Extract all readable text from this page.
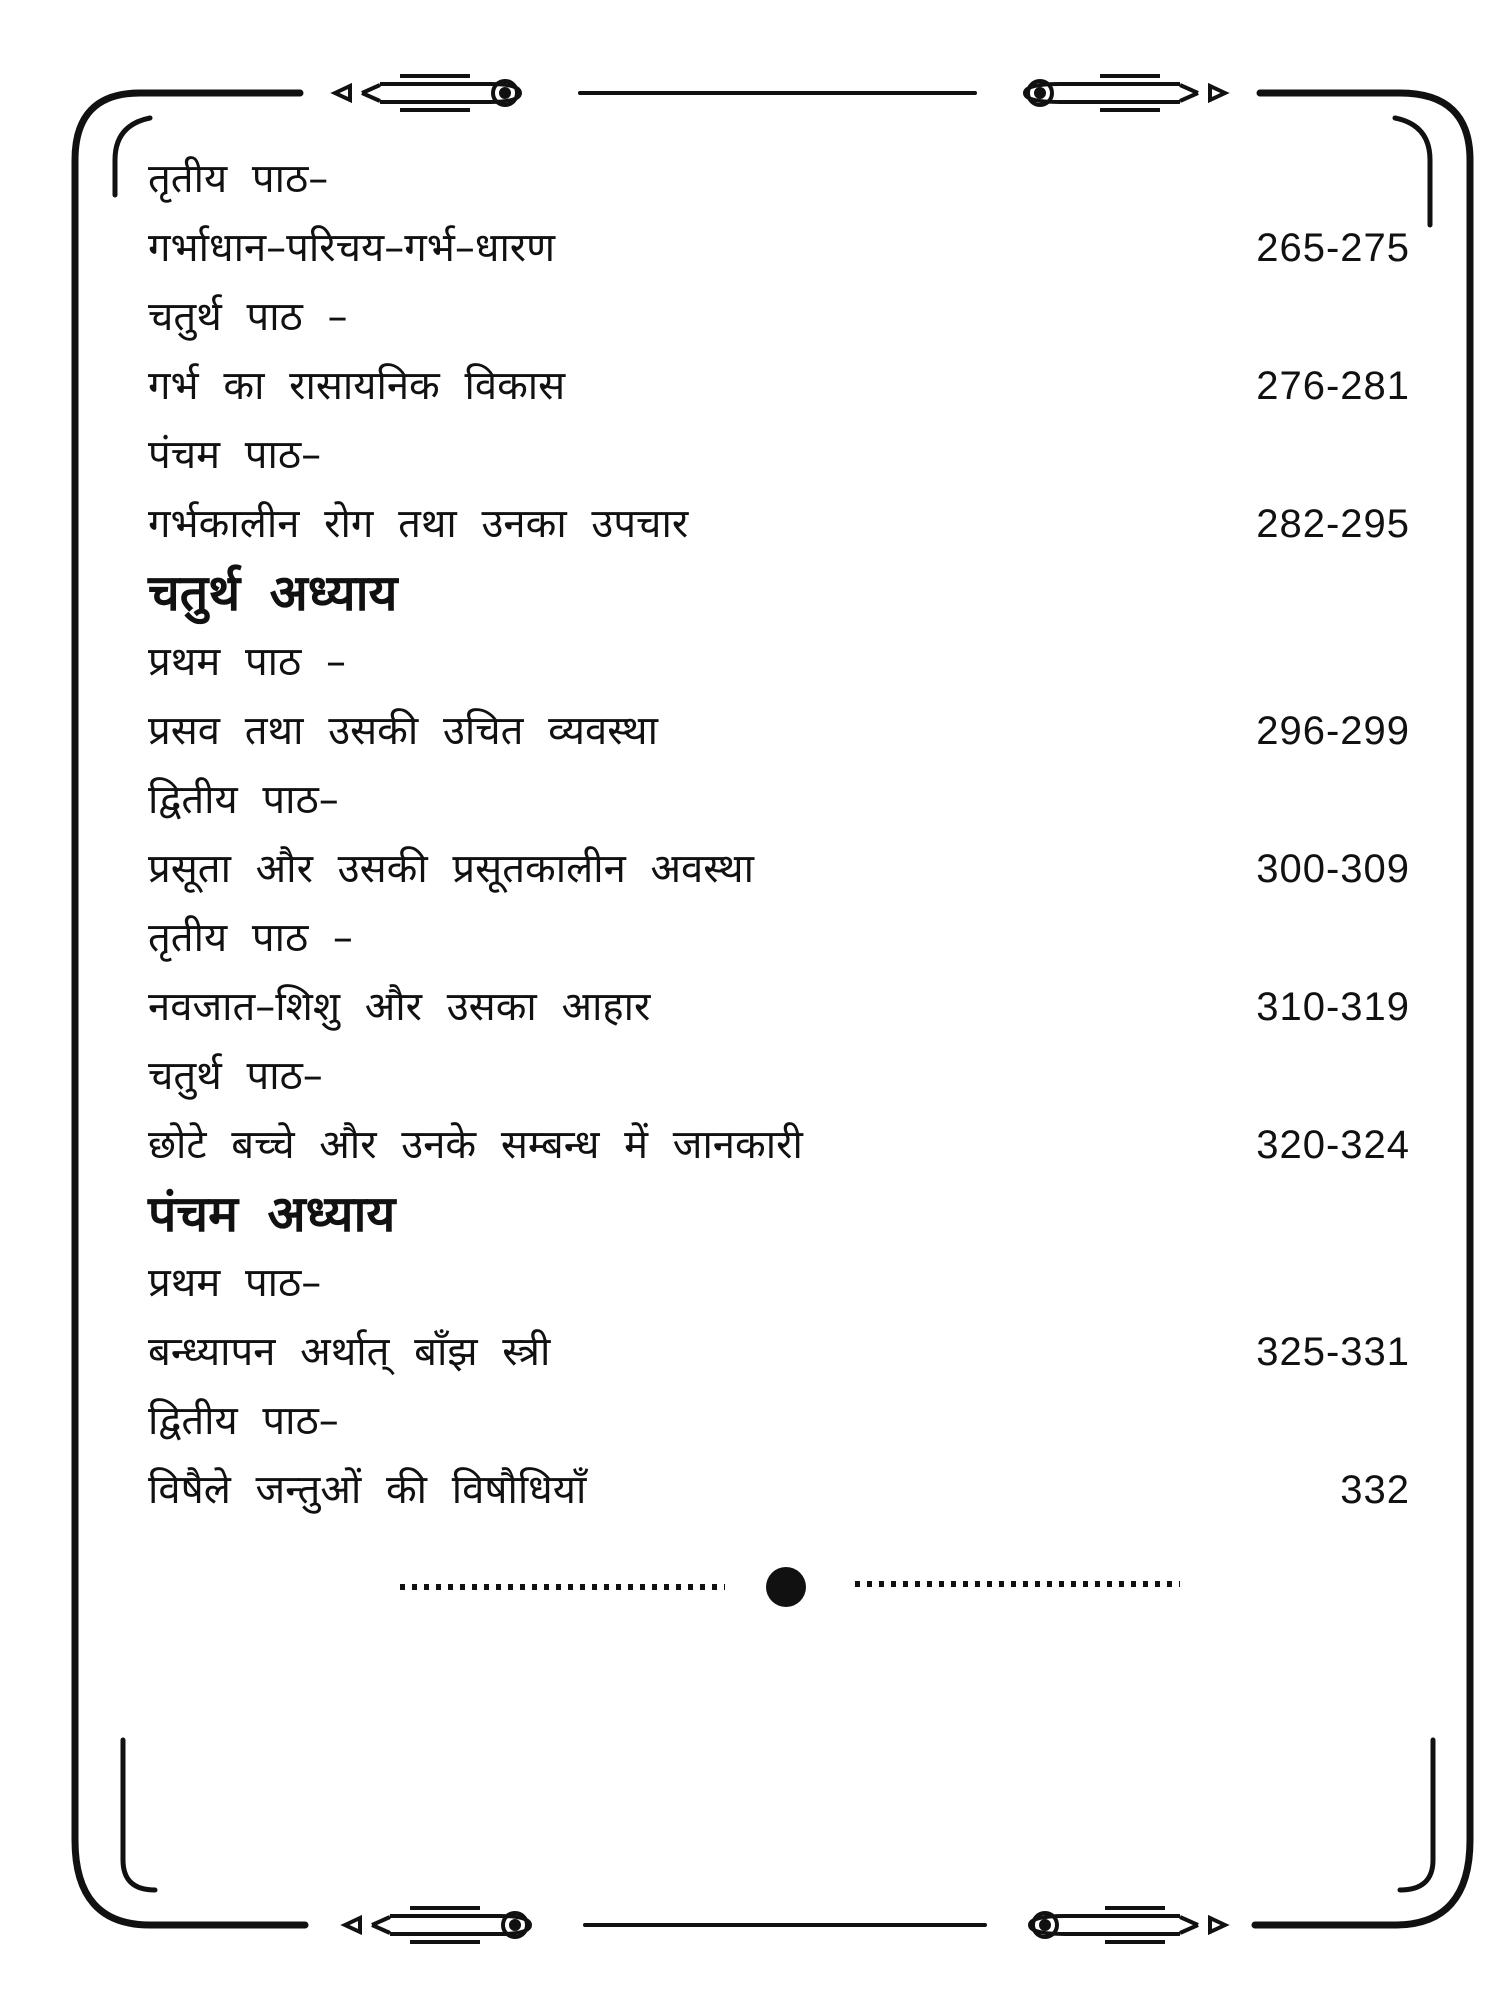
तृतीय पाठ–
गर्भाधान–परिचय–गर्भ–धारण	265-275
चतुर्थ पाठ –
गर्भ का रासायनिक विकास	276-281
पंचम पाठ–
गर्भकालीन रोग तथा उनका उपचार	282-295
चतुर्थ अध्याय
प्रथम पाठ –
प्रसव तथा उसकी उचित व्यवस्था	296-299
द्वितीय पाठ–
प्रसूता और उसकी प्रसूतकालीन अवस्था	300-309
तृतीय पाठ –
नवजात–शिशु और उसका आहार	310-319
चतुर्थ पाठ–
छोटे बच्चे और उनके सम्बन्ध में जानकारी	320-324
पंचम अध्याय
प्रथम पाठ–
बन्ध्यापन अर्थात् बाँझ स्त्री	325-331
द्वितीय पाठ–
विषैले जन्तुओं की विषौधियाँ	332
